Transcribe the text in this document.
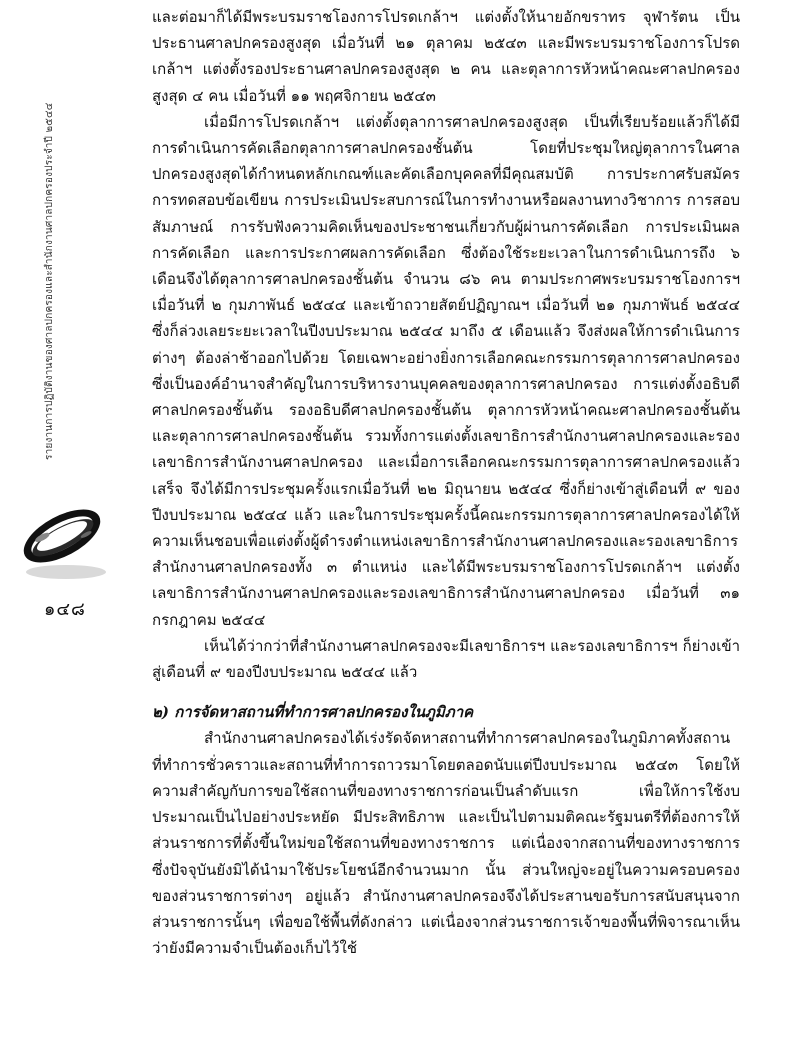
รายงานการปฏิบัติงานของศาลปกครองและสำนักงานศาลปกครองประจำปี ๒๕๔๔
๑๔๘

และต่อมาก็ได้มีพระบรมราชโองการโปรดเกล้าฯ แต่งตั้งให้นายอักขราทร จุฬารัตน เป็นประธานศาลปกครองสูงสุด เมื่อวันที่ ๒๑ ตุลาคม ๒๕๔๓ และมีพระบรมราชโองการโปรดเกล้าฯ แต่งตั้งรองประธานศาลปกครองสูงสุด ๒ คน และตุลาการหัวหน้าคณะศาลปกครองสูงสุด ๔ คน เมื่อวันที่ ๑๑ พฤศจิกายน ๒๕๔๓

เมื่อมีการโปรดเกล้าฯ แต่งตั้งตุลาการศาลปกครองสูงสุด เป็นที่เรียบร้อยแล้วก็ได้มีการดำเนินการคัดเลือกตุลาการศาลปกครองชั้นต้น โดยที่ประชุมใหญ่ตุลาการในศาลปกครองสูงสุดได้กำหนดหลักเกณฑ์และคัดเลือกบุคคลที่มีคุณสมบัติ การประกาศรับสมัคร การทดสอบข้อเขียน การประเมินประสบการณ์ในการทำงานหรือผลงานทางวิชาการ การสอบสัมภาษณ์ การรับฟังความคิดเห็นของประชาชนเกี่ยวกับผู้ผ่านการคัดเลือก การประเมินผลการคัดเลือก และการประกาศผลการคัดเลือก ซึ่งต้องใช้ระยะเวลาในการดำเนินการถึง ๖ เดือนจึงได้ตุลาการศาลปกครองชั้นต้น จำนวน ๘๖ คน ตามประกาศพระบรมราชโองการฯ เมื่อวันที่ ๒ กุมภาพันธ์ ๒๕๔๔ และเข้าถวายสัตย์ปฏิญาณฯ เมื่อวันที่ ๒๑ กุมภาพันธ์ ๒๕๔๔ ซึ่งก็ล่วงเลยระยะเวลาในปีงบประมาณ ๒๕๔๔ มาถึง ๕ เดือนแล้ว จึงส่งผลให้การดำเนินการต่างๆ ต้องล่าช้าออกไปด้วย โดยเฉพาะอย่างยิ่งการเลือกคณะกรรมการตุลาการศาลปกครอง ซึ่งเป็นองค์อำนาจสำคัญในการบริหารงานบุคคลของตุลาการศาลปกครอง การแต่งตั้งอธิบดีศาลปกครองชั้นต้น รองอธิบดีศาลปกครองชั้นต้น ตุลาการหัวหน้าคณะศาลปกครองชั้นต้น และตุลาการศาลปกครองชั้นต้น รวมทั้งการแต่งตั้งเลขาธิการสำนักงานศาลปกครองและรองเลขาธิการสำนักงานศาลปกครอง และเมื่อการเลือกคณะกรรมการตุลาการศาลปกครองแล้วเสร็จ จึงได้มีการประชุมครั้งแรกเมื่อวันที่ ๒๒ มิถุนายน ๒๕๔๔ ซึ่งก็ย่างเข้าสู่เดือนที่ ๙ ของปีงบประมาณ ๒๕๔๔ แล้ว และในการประชุมครั้งนี้คณะกรรมการตุลาการศาลปกครองได้ให้ความเห็นชอบเพื่อแต่งตั้งผู้ดำรงตำแหน่งเลขาธิการสำนักงานศาลปกครองและรองเลขาธิการสำนักงานศาลปกครองทั้ง ๓ ตำแหน่ง และได้มีพระบรมราชโองการโปรดเกล้าฯ แต่งตั้งเลขาธิการสำนักงานศาลปกครองและรองเลขาธิการสำนักงานศาลปกครอง เมื่อวันที่ ๓๑ กรกฎาคม ๒๕๔๔

เห็นได้ว่ากว่าที่สำนักงานศาลปกครองจะมีเลขาธิการฯ และรองเลขาธิการฯ ก็ย่างเข้าสู่เดือนที่ ๙ ของปีงบประมาณ ๒๕๔๔ แล้ว

๒) การจัดหาสถานที่ทำการศาลปกครองในภูมิภาค

สำนักงานศาลปกครองได้เร่งรัดจัดหาสถานที่ทำการศาลปกครองในภูมิภาคทั้งสถานที่ทำการชั่วคราวและสถานที่ทำการถาวรมาโดยตลอดนับแต่ปีงบประมาณ ๒๕๔๓ โดยให้ความสำคัญกับการขอใช้สถานที่ของทางราชการก่อนเป็นลำดับแรก เพื่อให้การใช้งบประมาณเป็นไปอย่างประหยัด มีประสิทธิภาพ และเป็นไปตามมติคณะรัฐมนตรีที่ต้องการให้ส่วนราชการที่ตั้งขึ้นใหม่ขอใช้สถานที่ของทางราชการ แต่เนื่องจากสถานที่ของทางราชการซึ่งปัจจุบันยังมิได้นำมาใช้ประโยชน์อีกจำนวนมาก นั้น ส่วนใหญ่จะอยู่ในความครอบครองของส่วนราชการต่างๆ อยู่แล้ว สำนักงานศาลปกครองจึงได้ประสานขอรับการสนับสนุนจากส่วนราชการนั้นๆ เพื่อขอใช้พื้นที่ดังกล่าว แต่เนื่องจากส่วนราชการเจ้าของพื้นที่พิจารณาเห็นว่ายังมีความจำเป็นต้องเก็บไว้ใช้
